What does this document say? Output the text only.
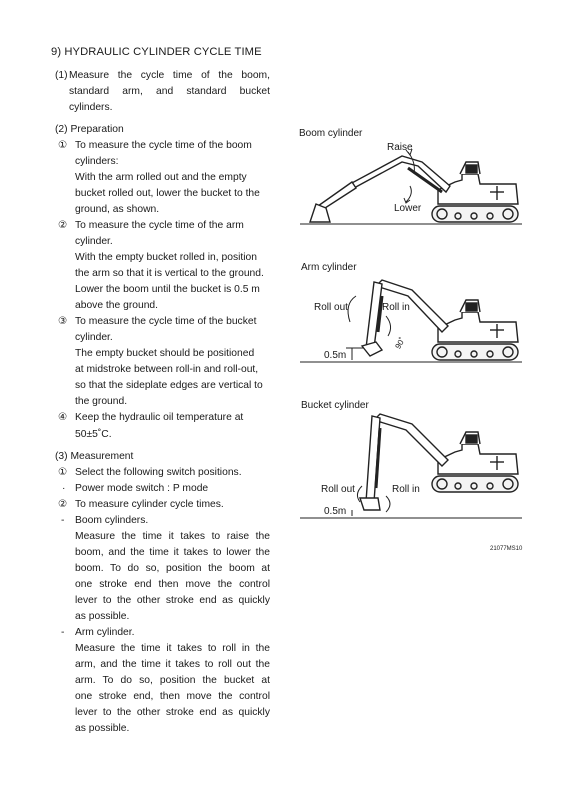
9) HYDRAULIC CYLINDER CYCLE TIME
(1) Measure the cycle time of the boom,
standard arm, and standard bucket
cylinders.
(2) Preparation
① To measure the cycle time of the boom
cylinders:
With the arm rolled out and the empty
bucket rolled out, lower the bucket to the
ground, as shown.
② To measure the cycle time of the arm
cylinder.
With the empty bucket rolled in, position
the arm so that it is vertical to the ground.
Lower the boom until the bucket is 0.5 m
above the ground.
③ To measure the cycle time of the bucket
cylinder.
The empty bucket should be positioned
at midstroke between roll-in and roll-out,
so that the sideplate edges are vertical to
the ground.
④ Keep the hydraulic oil temperature at
50±5˚C.
(3) Measurement
① Select the following switch positions.
· Power mode switch : P mode
② To measure cylinder cycle times.
- Boom cylinders.
Measure the time it takes to raise the
boom, and the time it takes to lower the
boom. To do so, position the boom at
one stroke end then move the control
lever to the other stroke end as quickly
as possible.
- Arm cylinder.
Measure the time it takes to roll in the
arm, and the time it takes to roll out the
arm. To do so, position the bucket at
one stroke end, then move the control
lever to the other stroke end as quickly
as possible.
Boom cylinder
Raise
Lower
Arm cylinder
Roll out	Roll in
0.5m
90˚
Bucket cylinder
Roll out	Roll in
0.5m
21077MS10
